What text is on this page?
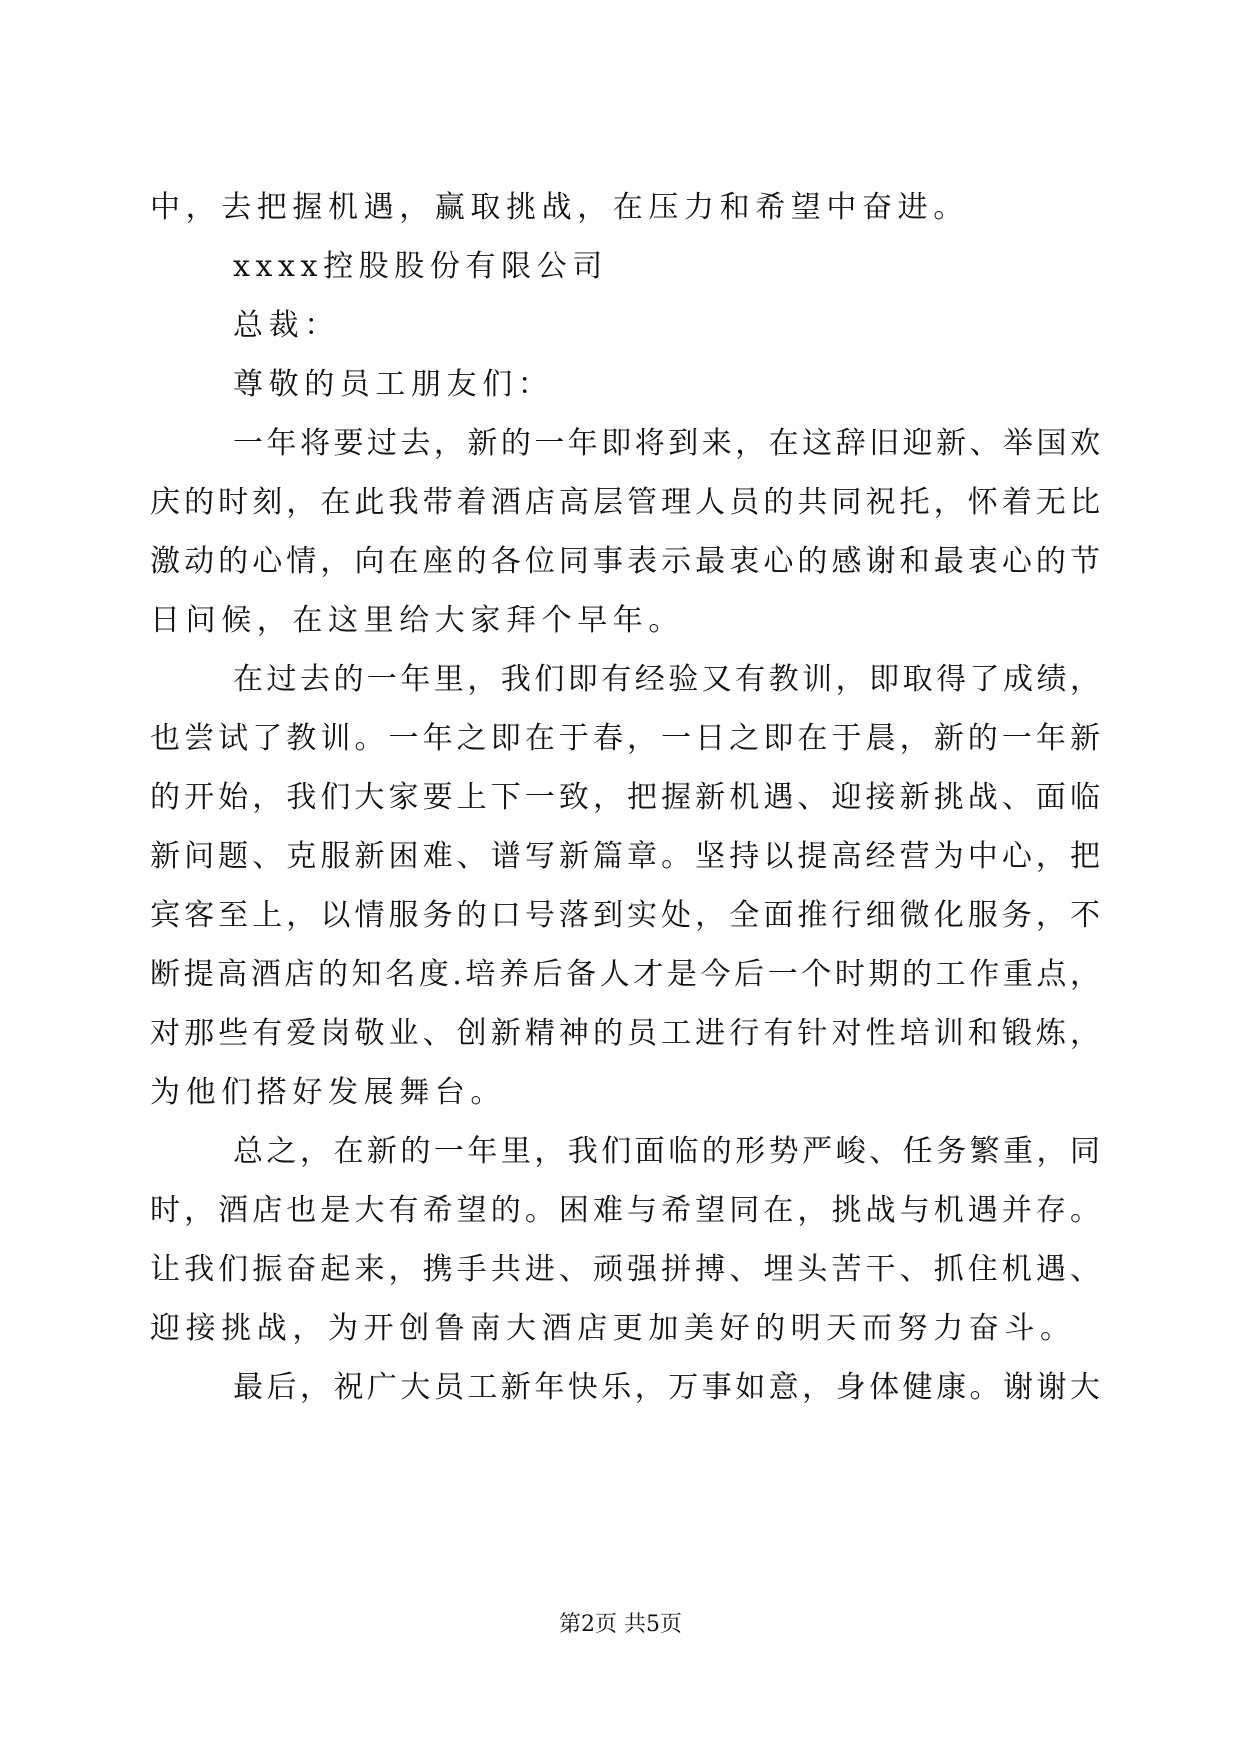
中，去把握机遇，赢取挑战，在压力和希望中奋进。
xxxx控股股份有限公司
总裁：
尊敬的员工朋友们：
一年将要过去，新的一年即将到来，在这辞旧迎新、举国欢
庆的时刻，在此我带着酒店高层管理人员的共同祝托，怀着无比
激动的心情，向在座的各位同事表示最衷心的感谢和最衷心的节
日问候，在这里给大家拜个早年。
在过去的一年里，我们即有经验又有教训，即取得了成绩，
也尝试了教训。一年之即在于春，一日之即在于晨，新的一年新
的开始，我们大家要上下一致，把握新机遇、迎接新挑战、面临
新问题、克服新困难、谱写新篇章。坚持以提高经营为中心，把
宾客至上，以情服务的口号落到实处，全面推行细微化服务，不
断提高酒店的知名度.培养后备人才是今后一个时期的工作重点，
对那些有爱岗敬业、创新精神的员工进行有针对性培训和锻炼，
为他们搭好发展舞台。
总之，在新的一年里，我们面临的形势严峻、任务繁重，同
时，酒店也是大有希望的。困难与希望同在，挑战与机遇并存。
让我们振奋起来，携手共进、顽强拼搏、埋头苦干、抓住机遇、
迎接挑战，为开创鲁南大酒店更加美好的明天而努力奋斗。
最后，祝广大员工新年快乐，万事如意，身体健康。谢谢大
第2页 共5页
